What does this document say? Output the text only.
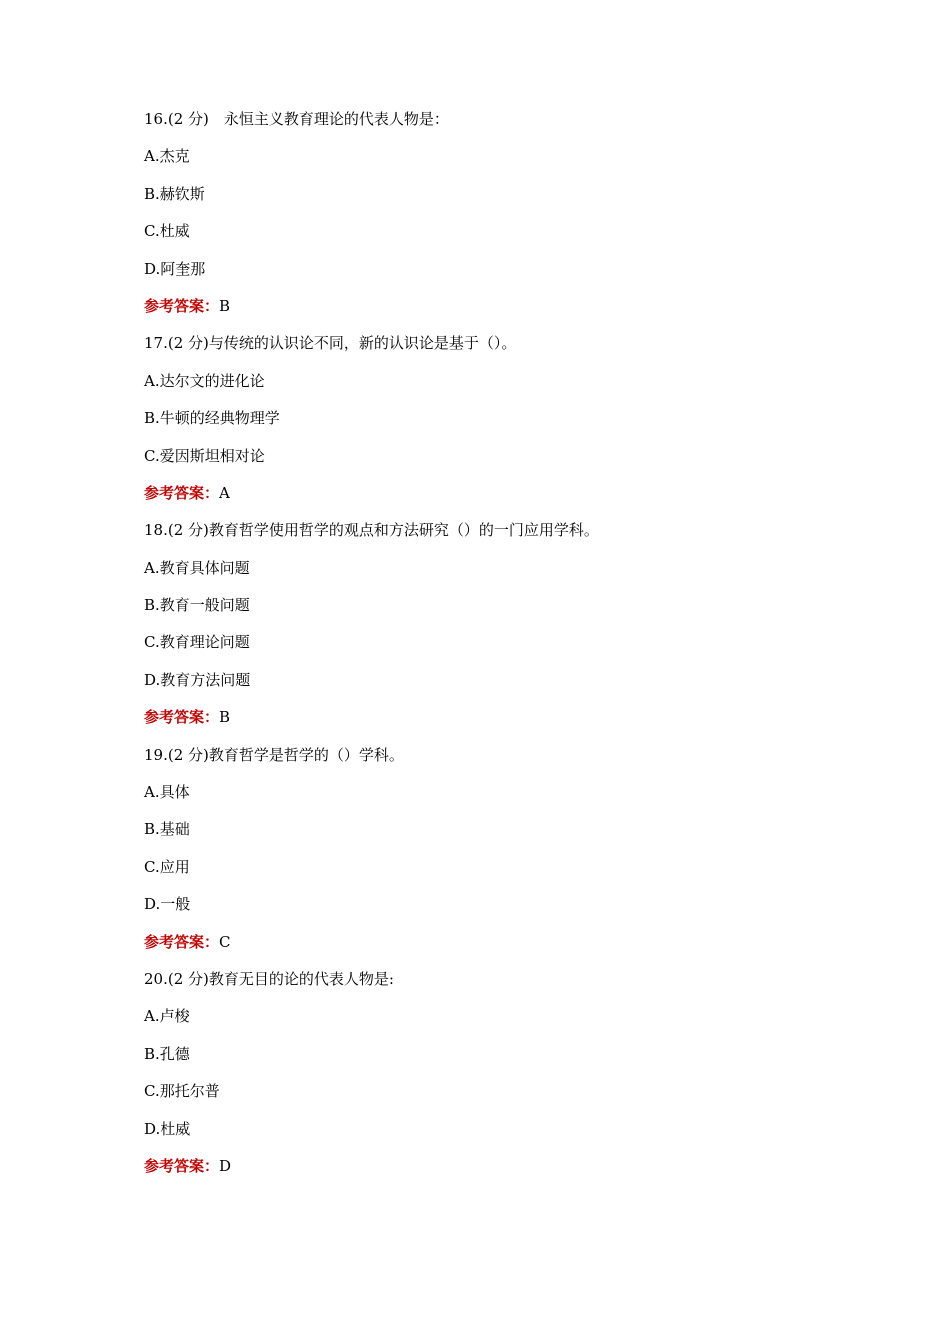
16.(2 分)　永恒主义教育理论的代表人物是：
A.杰克
B.赫钦斯
C.杜威
D.阿奎那
参考答案：B
17.(2 分)与传统的认识论不同，新的认识论是基于（）。
A.达尔文的进化论
B.牛顿的经典物理学
C.爱因斯坦相对论
参考答案：A
18.(2 分)教育哲学使用哲学的观点和方法研究（）的一门应用学科。
A.教育具体问题
B.教育一般问题
C.教育理论问题
D.教育方法问题
参考答案：B
19.(2 分)教育哲学是哲学的（）学科。
A.具体
B.基础
C.应用
D.一般
参考答案：C
20.(2 分)教育无目的论的代表人物是:
A.卢梭
B.孔德
C.那托尔普
D.杜威
参考答案：D
